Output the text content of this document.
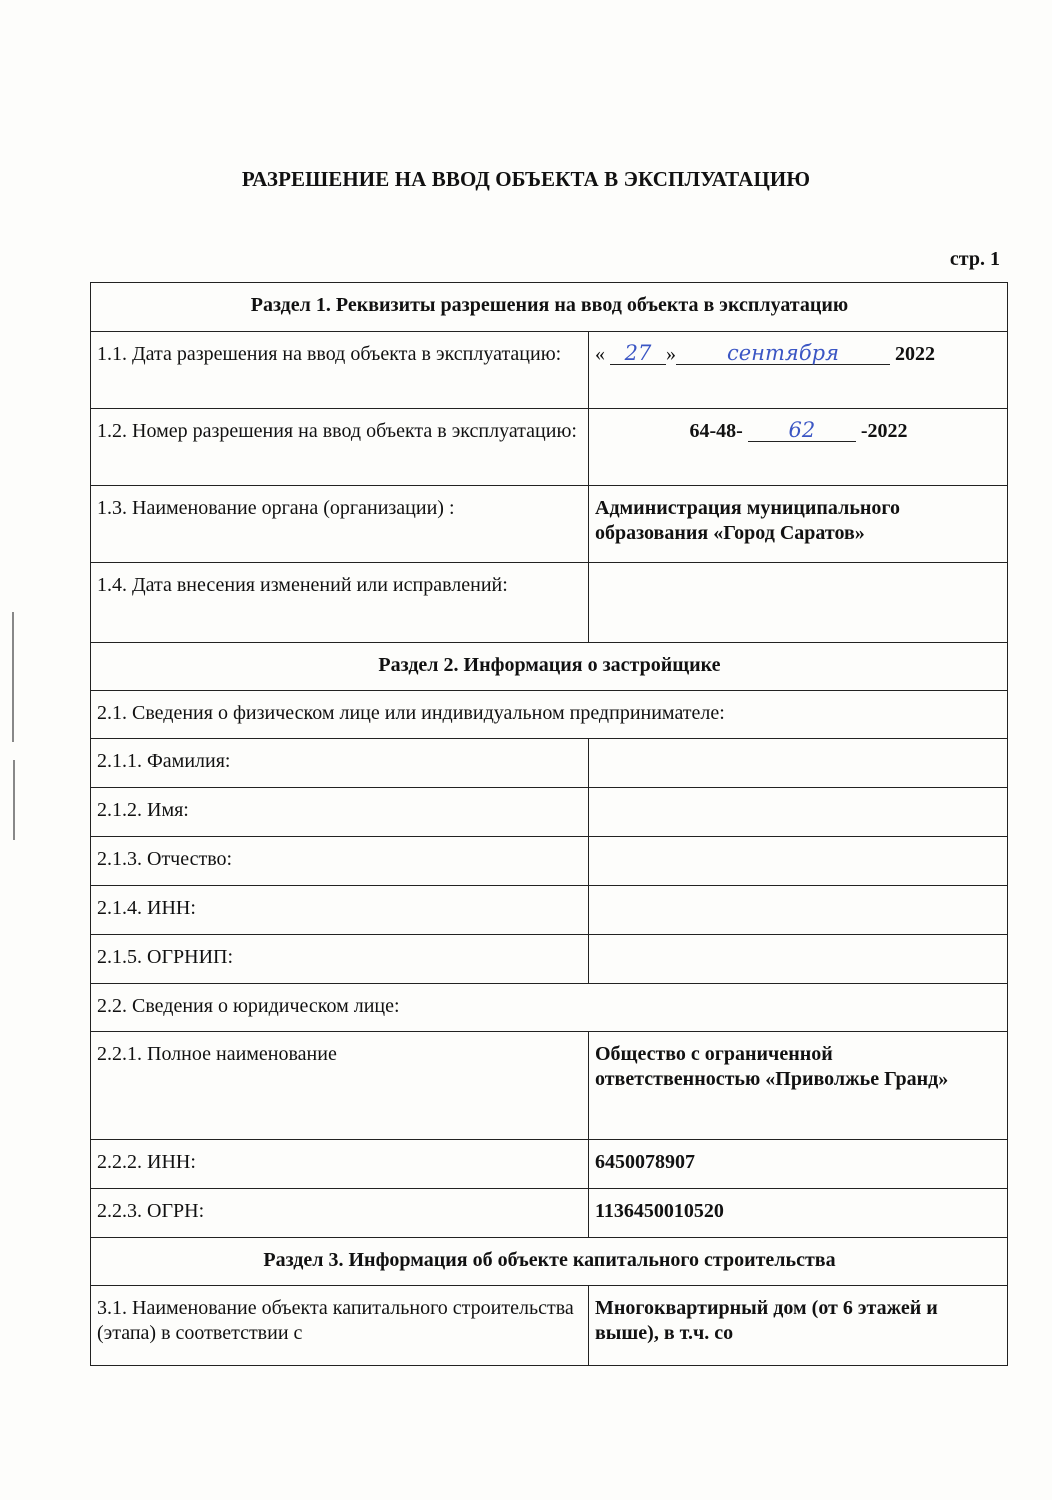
РАЗРЕШЕНИЕ НА ВВОД ОБЪЕКТА В ЭКСПЛУАТАЦИЮ
стр. 1
Раздел 1. Реквизиты разрешения на ввод объекта в эксплуатацию	
1.1. Дата разрешения на ввод объекта в эксплуатацию:	« 27 » сентября 2022
1.2. Номер разрешения на ввод объекта в эксплуатацию:	64-48- 62 -2022
1.3. Наименование органа (организации) :	Администрация муниципального образования «Город Саратов»
1.4. Дата внесения изменений или исправлений:	
Раздел 2. Информация о застройщике	
2.1. Сведения о физическом лице или индивидуальном предпринимателе:	
2.1.1. Фамилия:	
2.1.2. Имя:	
2.1.3. Отчество:	
2.1.4. ИНН:	
2.1.5. ОГРНИП:	
2.2. Сведения о юридическом лице:	
2.2.1. Полное наименование	Общество с ограниченной ответственностью «Приволжье Гранд»
2.2.2. ИНН:	6450078907
2.2.3. ОГРН:	1136450010520
Раздел 3. Информация об объекте капитального строительства	
3.1. Наименование объекта капитального строительства (этапа) в соответствии с	Многоквартирный дом (от 6 этажей и выше), в т.ч. со
